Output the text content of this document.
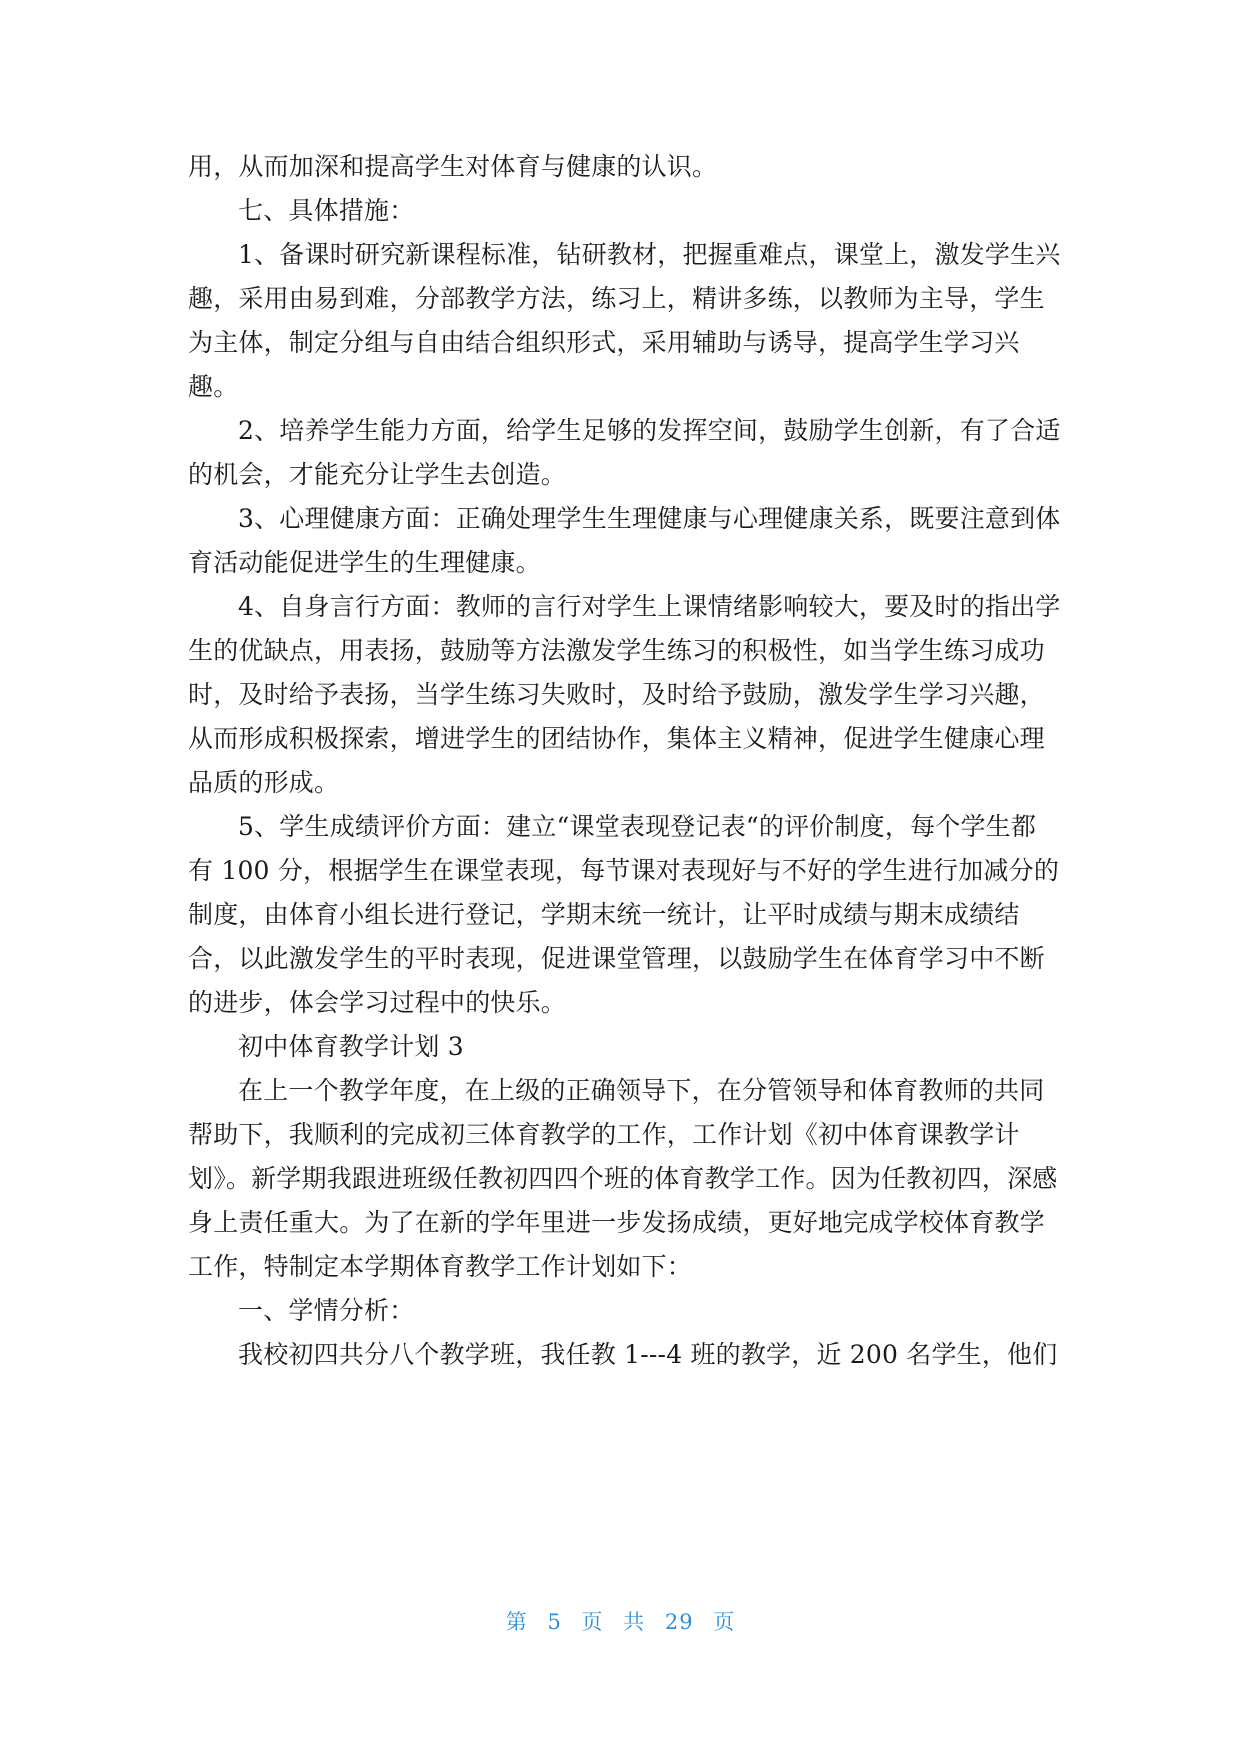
用，从而加深和提高学生对体育与健康的认识。
七、具体措施：
1、备课时研究新课程标准，钻研教材，把握重难点，课堂上，激发学生兴
趣，采用由易到难，分部教学方法，练习上，精讲多练，以教师为主导，学生
为主体，制定分组与自由结合组织形式，采用辅助与诱导，提高学生学习兴
趣。
2、培养学生能力方面，给学生足够的发挥空间，鼓励学生创新，有了合适
的机会，才能充分让学生去创造。
3、心理健康方面：正确处理学生生理健康与心理健康关系，既要注意到体
育活动能促进学生的生理健康。
4、自身言行方面：教师的言行对学生上课情绪影响较大，要及时的指出学
生的优缺点，用表扬，鼓励等方法激发学生练习的积极性，如当学生练习成功
时，及时给予表扬，当学生练习失败时，及时给予鼓励，激发学生学习兴趣，
从而形成积极探索，增进学生的团结协作，集体主义精神，促进学生健康心理
品质的形成。
5、学生成绩评价方面：建立“课堂表现登记表“的评价制度，每个学生都
有 100 分，根据学生在课堂表现，每节课对表现好与不好的学生进行加减分的
制度，由体育小组长进行登记，学期末统一统计，让平时成绩与期末成绩结
合，以此激发学生的平时表现，促进课堂管理，以鼓励学生在体育学习中不断
的进步，体会学习过程中的快乐。
初中体育教学计划 3
在上一个教学年度，在上级的正确领导下，在分管领导和体育教师的共同
帮助下，我顺利的完成初三体育教学的工作，工作计划《初中体育课教学计
划》。新学期我跟进班级任教初四四个班的体育教学工作。因为任教初四，深感
身上责任重大。为了在新的学年里进一步发扬成绩，更好地完成学校体育教学
工作，特制定本学期体育教学工作计划如下：
一、学情分析：
我校初四共分八个教学班，我任教 1---4 班的教学，近 200 名学生，他们
第 5 页 共 29 页
